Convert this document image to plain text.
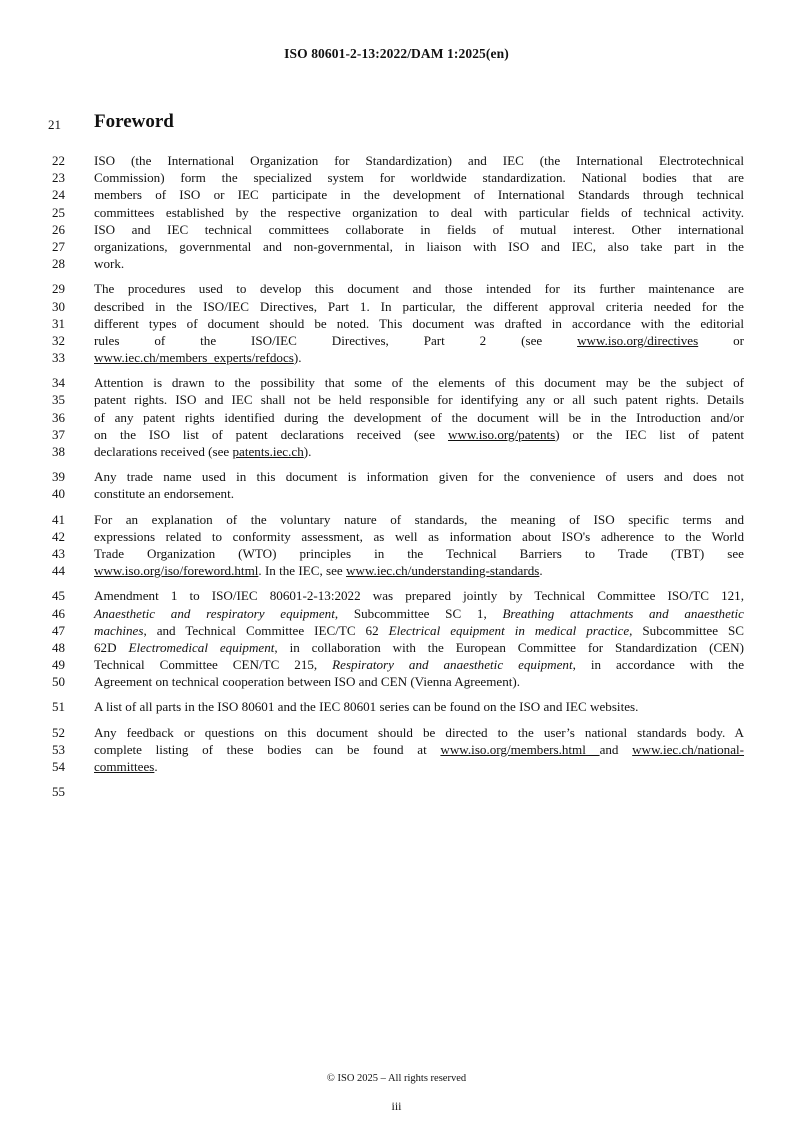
ISO 80601-2-13:2022/DAM 1:2025(en)
21	Foreword
22	ISO (the International Organization for Standardization) and IEC (the International Electrotechnical
23	Commission) form the specialized system for worldwide standardization. National bodies that are
24	members of ISO or IEC participate in the development of International Standards through technical
25	committees established by the respective organization to deal with particular fields of technical activity.
26	ISO and IEC technical committees collaborate in fields of mutual interest. Other international
27	organizations, governmental and non-governmental, in liaison with ISO and IEC, also take part in the
28	work.
29	The procedures used to develop this document and those intended for its further maintenance are
30	described in the ISO/IEC Directives, Part 1. In particular, the different approval criteria needed for the
31	different types of document should be noted. This document was drafted in accordance with the editorial
32	rules of the ISO/IEC Directives, Part 2 (see www.iso.org/directives or
33	www.iec.ch/members_experts/refdocs).
34	Attention is drawn to the possibility that some of the elements of this document may be the subject of
35	patent rights. ISO and IEC shall not be held responsible for identifying any or all such patent rights. Details
36	of any patent rights identified during the development of the document will be in the Introduction and/or
37	on the ISO list of patent declarations received (see www.iso.org/patents) or the IEC list of patent
38	declarations received (see patents.iec.ch).
39	Any trade name used in this document is information given for the convenience of users and does not
40	constitute an endorsement.
41	For an explanation of the voluntary nature of standards, the meaning of ISO specific terms and
42	expressions related to conformity assessment, as well as information about ISO's adherence to the World
43	Trade Organization (WTO) principles in the Technical Barriers to Trade (TBT) see
44	www.iso.org/iso/foreword.html. In the IEC, see www.iec.ch/understanding-standards.
45	Amendment 1 to ISO/IEC 80601-2-13:2022 was prepared jointly by Technical Committee ISO/TC 121,
46	Anaesthetic and respiratory equipment, Subcommittee SC 1, Breathing attachments and anaesthetic
47	machines, and Technical Committee IEC/TC 62 Electrical equipment in medical practice, Subcommittee SC
48	62D Electromedical equipment, in collaboration with the European Committee for Standardization (CEN)
49	Technical Committee CEN/TC 215, Respiratory and anaesthetic equipment, in accordance with the
50	Agreement on technical cooperation between ISO and CEN (Vienna Agreement).
51	A list of all parts in the ISO 80601 and the IEC 80601 series can be found on the ISO and IEC websites.
52	Any feedback or questions on this document should be directed to the user’s national standards body. A
53	complete listing of these bodies can be found at www.iso.org/members.html and www.iec.ch/national-
54	committees.
55
© ISO 2025 – All rights reserved
iii
